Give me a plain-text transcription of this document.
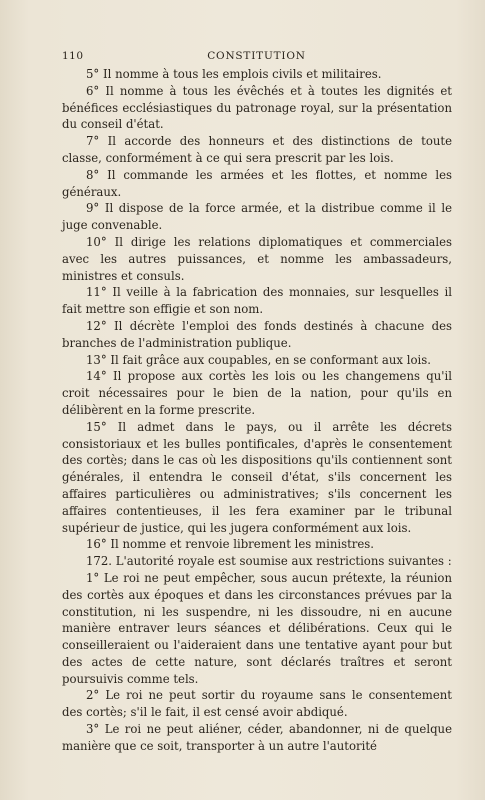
110	CONSTITUTION

5° Il nomme à tous les emplois civils et militaires.

6° Il nomme à tous les évêchés et à toutes les dignités et bénéfices ecclésiastiques du patronage royal, sur la présentation du conseil d'état.

7° Il accorde des honneurs et des distinctions de toute classe, conformément à ce qui sera prescrit par les lois.

8° Il commande les armées et les flottes, et nomme les généraux.

9° Il dispose de la force armée, et la distribue comme il le juge convenable.

10° Il dirige les relations diplomatiques et commerciales avec les autres puissances, et nomme les ambassadeurs, ministres et consuls.

11° Il veille à la fabrication des monnaies, sur lesquelles il fait mettre son effigie et son nom.

12° Il décrète l'emploi des fonds destinés à chacune des branches de l'administration publique.

13° Il fait grâce aux coupables, en se conformant aux lois.

14° Il propose aux cortès les lois ou les changemens qu'il croit nécessaires pour le bien de la nation, pour qu'ils en délibèrent en la forme prescrite.

15° Il admet dans le pays, ou il arrête les décrets consistoriaux et les bulles pontificales, d'après le consentement des cortès; dans le cas où les dispositions qu'ils contiennent sont générales, il entendra le conseil d'état, s'ils concernent les affaires particulières ou administratives; s'ils concernent les affaires contentieuses, il les fera examiner par le tribunal supérieur de justice, qui les jugera conformément aux lois.

16° Il nomme et renvoie librement les ministres.

172. L'autorité royale est soumise aux restrictions suivantes :

1° Le roi ne peut empêcher, sous aucun prétexte, la réunion des cortès aux époques et dans les circonstances prévues par la constitution, ni les suspendre, ni les dissoudre, ni en aucune manière entraver leurs séances et délibérations. Ceux qui le conseilleraient ou l'aideraient dans une tentative ayant pour but des actes de cette nature, sont déclarés traîtres et seront poursuivis comme tels.

2° Le roi ne peut sortir du royaume sans le consentement des cortès; s'il le fait, il est censé avoir abdiqué.

3° Le roi ne peut aliéner, céder, abandonner, ni de quelque manière que ce soit, transporter à un autre l'autorité
